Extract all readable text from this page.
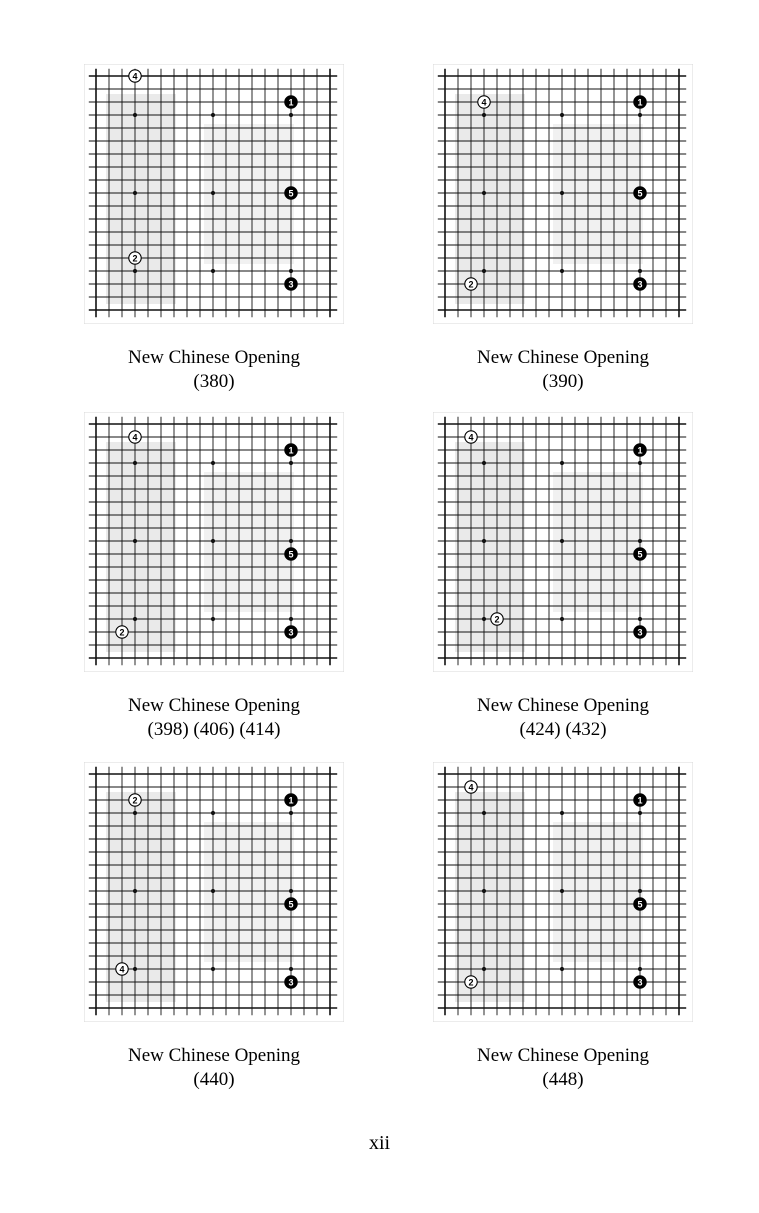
1
2
3
4
5
New Chinese Opening
(380)
1
2	3
4
5
New Chinese Opening
(390)
1
2	3
4
5
New Chinese Opening
(398) (406) (414)
1
2
3
4
5
New Chinese Opening
(424) (432)
1
2
3
4
5
New Chinese Opening
(440)
1
2	3
4
5
New Chinese Opening
(448)
xii
